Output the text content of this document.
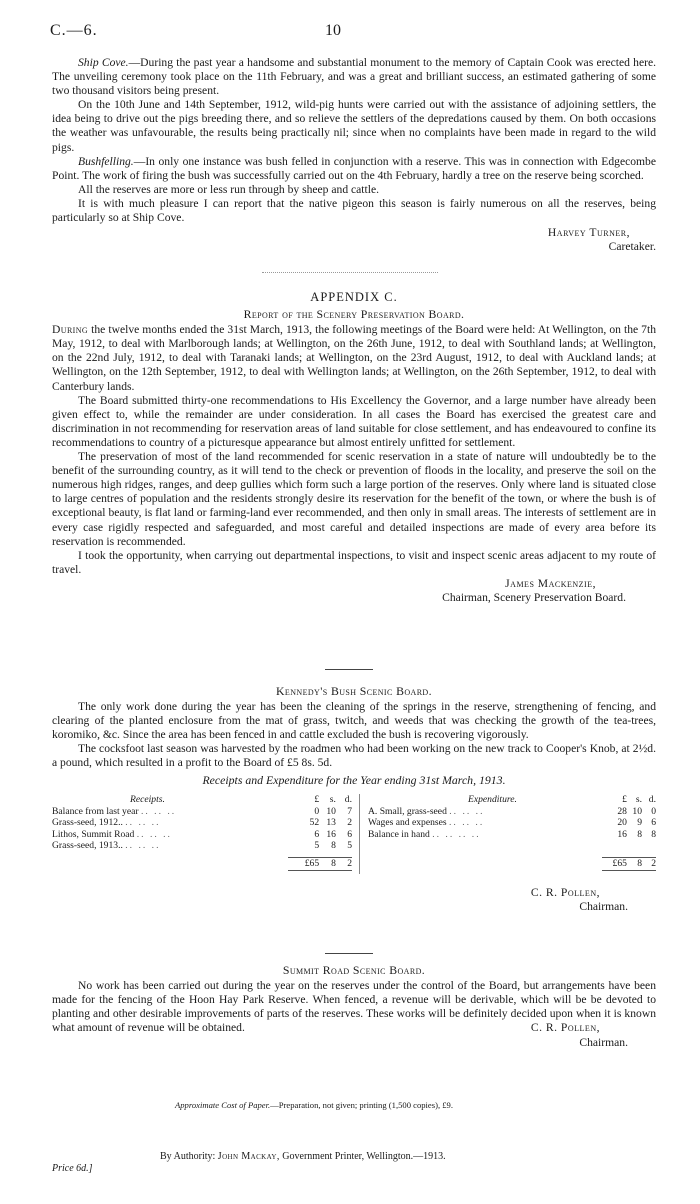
C.—6.	10

Ship Cove.—During the past year a handsome and substantial monument to the memory of Captain Cook was erected here. The unveiling ceremony took place on the 11th February, and was a great and brilliant success, an estimated gathering of some two thousand visitors being present.

On the 10th June and 14th September, 1912, wild-pig hunts were carried out with the assistance of adjoining settlers, the idea being to drive out the pigs breeding there, and so relieve the settlers of the depredations caused by them. On both occasions the weather was unfavourable, the results being practically nil; since when no complaints have been made in regard to the wild pigs.

Bushfelling.—In only one instance was bush felled in conjunction with a reserve. This was in connection with Edgecombe Point. The work of firing the bush was successfully carried out on the 4th February, hardly a tree on the reserve being scorched.

All the reserves are more or less run through by sheep and cattle.

It is with much pleasure I can report that the native pigeon this season is fairly numerous on all the reserves, being particularly so at Ship Cove.

Harvey Turner,
Caretaker.
APPENDIX C.
Report of the Scenery Preservation Board.

During the twelve months ended the 31st March, 1913, the following meetings of the Board were held: At Wellington, on the 7th May, 1912, to deal with Marlborough lands; at Wellington, on the 26th June, 1912, to deal with Southland lands; at Wellington, on the 22nd July, 1912, to deal with Taranaki lands; at Wellington, on the 23rd August, 1912, to deal with Auckland lands; at Wellington, on the 12th September, 1912, to deal with Wellington lands; at Wellington, on the 26th September, 1912, to deal with Canterbury lands.

The Board submitted thirty-one recommendations to His Excellency the Governor, and a large number have already been given effect to, while the remainder are under consideration. In all cases the Board has exercised the greatest care and discrimination in not recommending for reservation areas of land suitable for close settlement, and has endeavoured to confine its recommendations to country of a picturesque appearance but almost entirely unfitted for settlement.

The preservation of most of the land recommended for scenic reservation in a state of nature will undoubtedly be to the benefit of the surrounding country, as it will tend to the check or prevention of floods in the locality, and preserve the soil on the numerous high ridges, ranges, and deep gullies which form such a large portion of the reserves. Only where land is situated close to large centres of population and the residents strongly desire its reservation for the benefit of the town, or where the bush is of exceptional beauty, is flat land or farming-land ever recommended, and then only in small areas. The interests of settlement are in every case rigidly respected and safeguarded, and most careful and detailed inspections are made of every area before its reservation is recommended.

I took the opportunity, when carrying out departmental inspections, to visit and inspect scenic areas adjacent to my route of travel.

James Mackenzie,
Chairman, Scenery Preservation Board.
Kennedy's Bush Scenic Board.

The only work done during the year has been the cleaning of the springs in the reserve, strengthening of fencing, and clearing of the planted enclosure from the mat of grass, twitch, and weeds that was checking the growth of the tea-trees, koromiko, &c. Since the area has been fenced in and cattle excluded the bush is recovering vigorously.

The cocksfoot last season was harvested by the roadmen who had been working on the new track to Cooper's Knob, at 2½d. a pound, which resulted in a profit to the Board of £5 8s. 5d.

Receipts and Expenditure for the Year ending 31st March, 1913.
Receipts.	£	s.	d.
Balance from last year .. .. ..	0	10	7
Grass-seed, 1912.. .. .. ..	52	13	2
Lithos, Summit Road .. .. ..	6	16	6
Grass-seed, 1913.. .. .. ..	5	8	5

	£65	8	2
Expenditure.	£	s.	d.
A. Small, grass-seed .. .. ..	28	10	0
Wages and expenses .. .. ..	20	9	6
Balance in hand .. .. .. ..	16	8	8

	£65	8	2
C. R. Pollen,
Chairman.
Summit Road Scenic Board.

No work has been carried out during the year on the reserves under the control of the Board, but arrangements have been made for the fencing of the Hoon Hay Park Reserve. When fenced, a revenue will be derivable, which will be be devoted to planting and other desirable improvements of parts of the reserves. These works will be definitely decided upon when it is known what amount of revenue will be obtained.	C. R. Pollen,
Chairman.
Approximate Cost of Paper.—Preparation, not given; printing (1,500 copies), £9.
By Authority: John Mackay, Government Printer, Wellington.—1913.
Price 6d.]
